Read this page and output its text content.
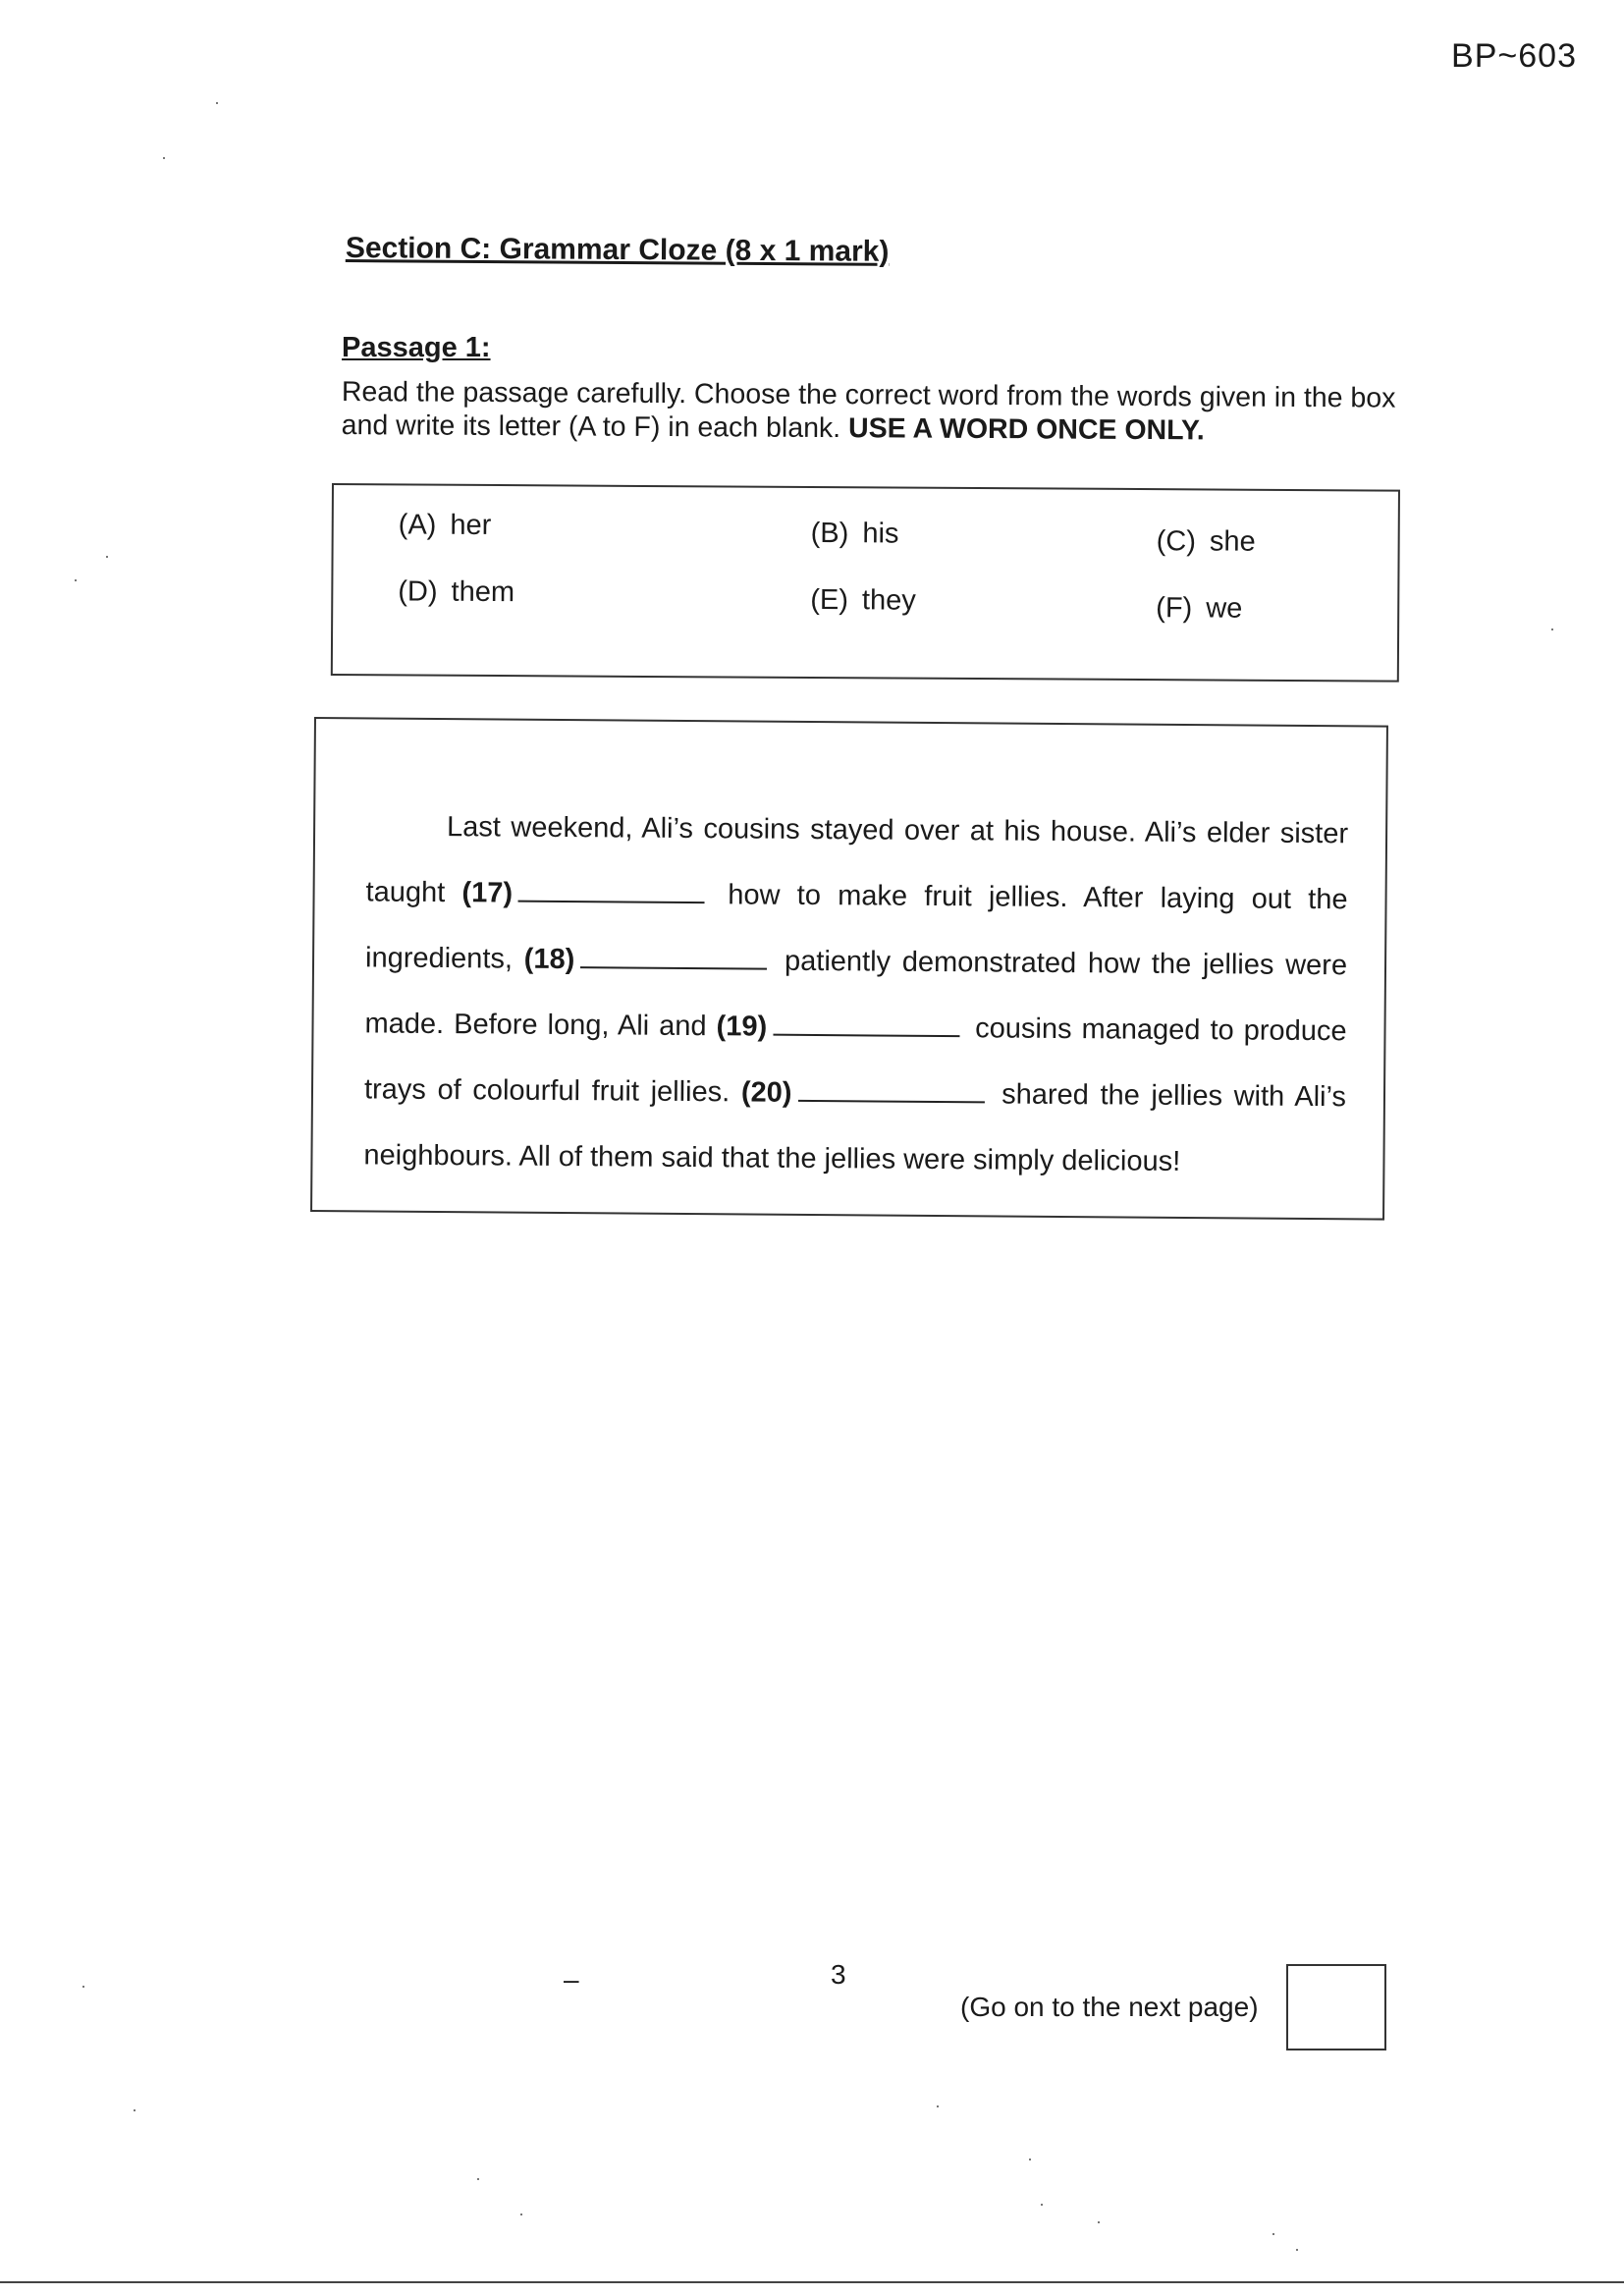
BP~603
Section C: Grammar Cloze (8 x 1 mark)
Passage 1:
Read the passage carefully. Choose the correct word from the words given in the box and write its letter (A to F) in each blank. USE A WORD ONCE ONLY.
(A) her	(B) his	(C) she
(D) them	(E) they	(F) we
Last weekend, Ali’s cousins stayed over at his house. Ali’s elder sister taught (17)	how to make fruit jellies. After laying out the ingredients, (18)	patiently demonstrated how the jellies were made. Before long, Ali and (19)	cousins managed to produce trays of colourful fruit jellies. (20)	shared the jellies with Ali’s neighbours. All of them said that the jellies were simply delicious!
–	3
(Go on to the next page)
